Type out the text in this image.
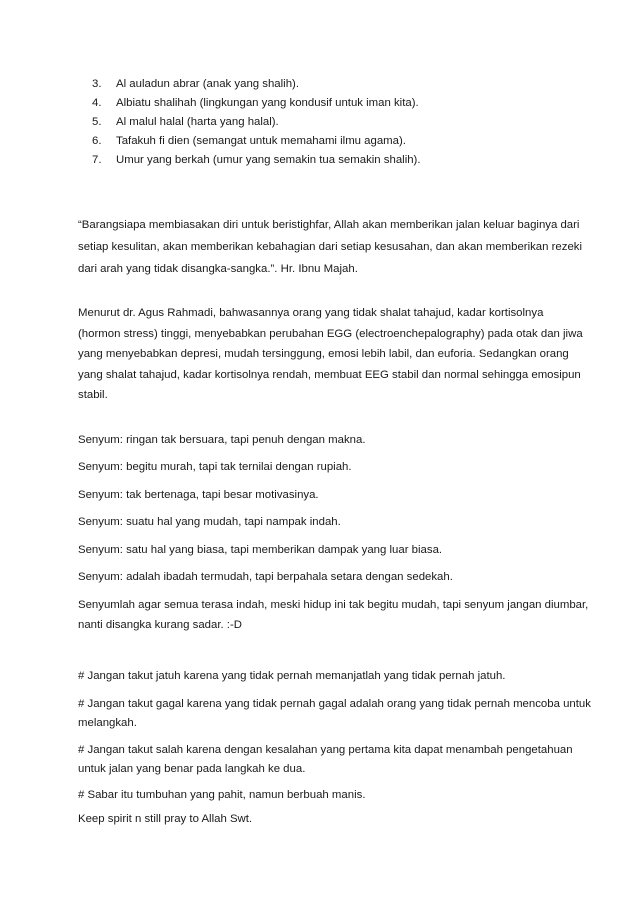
3.	Al auladun abrar (anak yang shalih).
4.	Albiatu shalihah (lingkungan yang kondusif untuk iman kita).
5.	Al malul halal (harta yang halal).
6.	Tafakuh fi dien (semangat untuk memahami ilmu agama).
7.	Umur yang berkah (umur yang semakin tua semakin shalih).

“Barangsiapa membiasakan diri untuk beristighfar, Allah akan memberikan jalan keluar baginya dari

setiap kesulitan, akan memberikan kebahagian dari setiap kesusahan, dan akan memberikan rezeki

dari arah yang tidak disangka-sangka.”. Hr. Ibnu Majah.

Menurut dr. Agus Rahmadi, bahwasannya orang yang tidak shalat tahajud, kadar kortisolnya

(hormon stress) tinggi, menyebabkan perubahan EGG (electroenchepalography) pada otak dan jiwa

yang menyebabkan depresi, mudah tersinggung, emosi lebih labil, dan euforia. Sedangkan orang

yang shalat tahajud, kadar kortisolnya rendah, membuat EEG stabil dan normal sehingga emosipun

stabil.

Senyum: ringan tak bersuara, tapi penuh dengan makna.

Senyum: begitu murah, tapi tak ternilai dengan rupiah.

Senyum: tak bertenaga, tapi besar motivasinya.

Senyum: suatu hal yang mudah, tapi nampak indah.

Senyum: satu hal yang biasa, tapi memberikan dampak yang luar biasa.

Senyum: adalah ibadah termudah, tapi berpahala setara dengan sedekah.

Senyumlah agar semua terasa indah, meski hidup ini tak begitu mudah, tapi senyum jangan diumbar,

nanti disangka kurang sadar. :-D

# Jangan takut jatuh karena yang tidak pernah memanjatlah yang tidak pernah jatuh.

# Jangan takut gagal karena yang tidak pernah gagal adalah orang yang tidak pernah mencoba untuk

melangkah.

# Jangan takut salah karena dengan kesalahan yang pertama kita dapat menambah pengetahuan

untuk jalan yang benar pada langkah ke dua.

# Sabar itu tumbuhan yang pahit, namun berbuah manis.

Keep spirit n still pray to Allah Swt.
